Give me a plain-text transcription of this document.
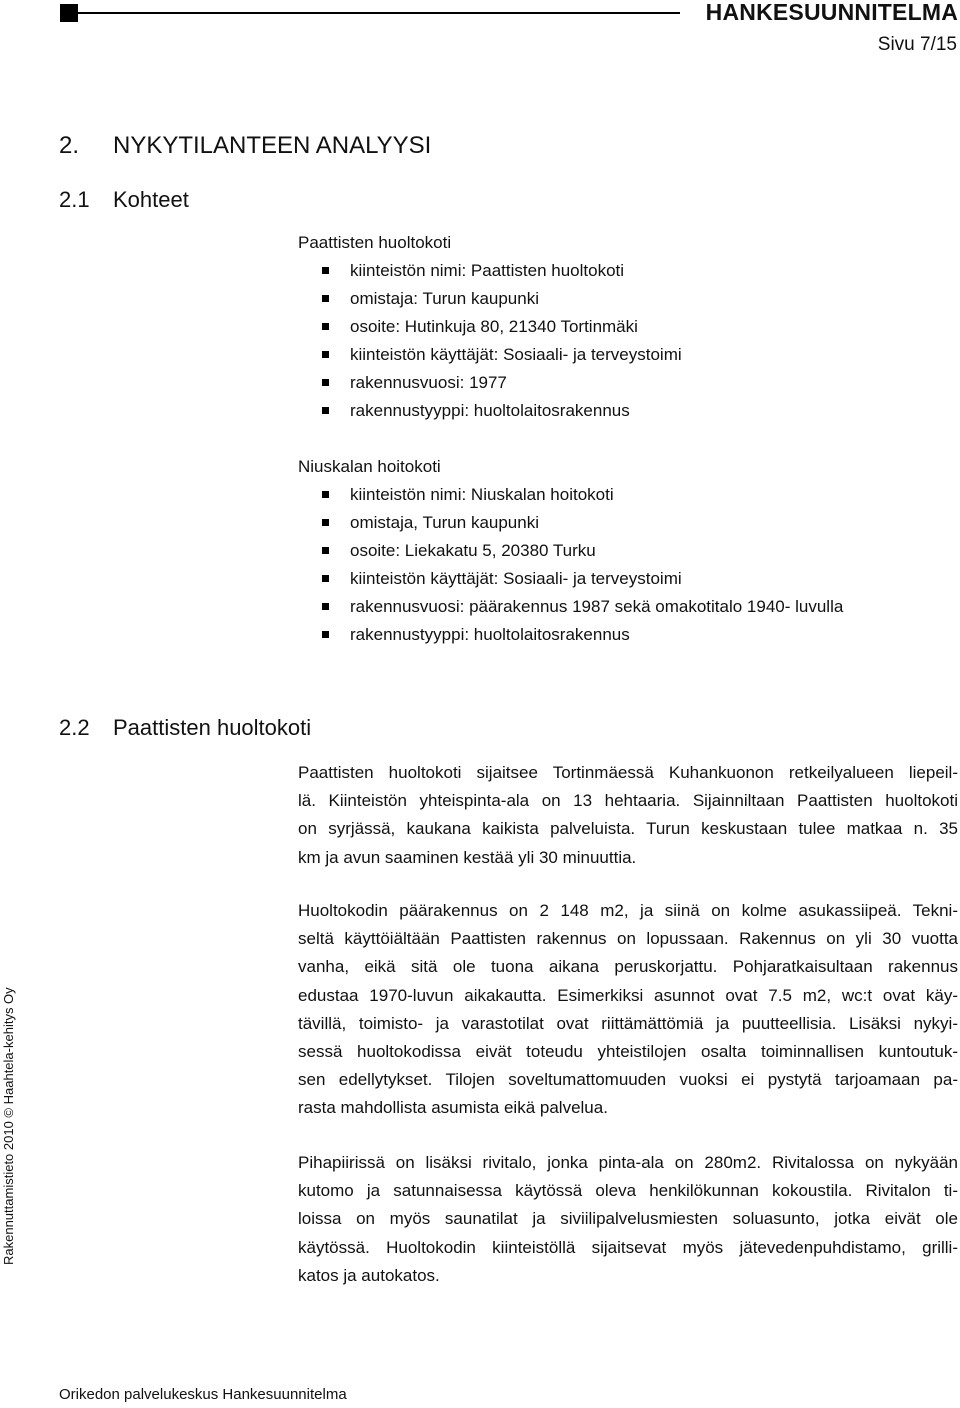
HANKESUUNNITELMA
Sivu 7/15
2. NYKYTILANTEEN ANALYYSI
2.1 Kohteet
Paattisten huoltokoti
kiinteistön nimi: Paattisten huoltokoti
omistaja: Turun kaupunki
osoite: Hutinkuja 80, 21340 Tortinmäki
kiinteistön käyttäjät: Sosiaali- ja terveystoimi
rakennusvuosi: 1977
rakennustyyppi: huoltolaitosrakennus
Niuskalan hoitokoti
kiinteistön nimi: Niuskalan hoitokoti
omistaja, Turun kaupunki
osoite: Liekakatu 5, 20380 Turku
kiinteistön käyttäjät: Sosiaali- ja terveystoimi
rakennusvuosi: päärakennus 1987 sekä omakotitalo 1940- luvulla
rakennustyyppi: huoltolaitosrakennus
2.2 Paattisten huoltokoti

Paattisten huoltokoti sijaitsee Tortinmäessä Kuhankuonon retkeilyalueen liepeil-
lä. Kiinteistön yhteispinta-ala on 13 hehtaaria. Sijainniltaan Paattisten huoltokoti
on syrjässä, kaukana kaikista palveluista. Turun keskustaan tulee matkaa n. 35
km ja avun saaminen kestää yli 30 minuuttia.

Huoltokodin päärakennus on 2 148 m2, ja siinä on kolme asukassiipeä. Tekni-
seltä käyttöiältään Paattisten rakennus on lopussaan. Rakennus on yli 30 vuotta
vanha, eikä sitä ole tuona aikana peruskorjattu. Pohjaratkaisultaan rakennus
edustaa 1970-luvun aikakautta. Esimerkiksi asunnot ovat 7.5 m2, wc:t ovat käy-
tävillä, toimisto- ja varastotilat ovat riittämättömiä ja puutteellisia. Lisäksi nykyi-
sessä huoltokodissa eivät toteudu yhteistilojen osalta toiminnallisen kuntoutuk-
sen edellytykset. Tilojen soveltumattomuuden vuoksi ei pystytä tarjoamaan pa-
rasta mahdollista asumista eikä palvelua.

Pihapiirissä on lisäksi rivitalo, jonka pinta-ala on 280m2. Rivitalossa on nykyään
kutomo ja satunnaisessa käytössä oleva henkilökunnan kokoustila. Rivitalon ti-
loissa on myös saunatilat ja siviilipalvelusmiesten soluasunto, jotka eivät ole
käytössä. Huoltokodin kiinteistöllä sijaitsevat myös jätevedenpuhdistamo, grilli-
katos ja autokatos.

Rakennuttamistieto 2010 © Haahtela-kehitys Oy
Orikedon palvelukeskus Hankesuunnitelma
